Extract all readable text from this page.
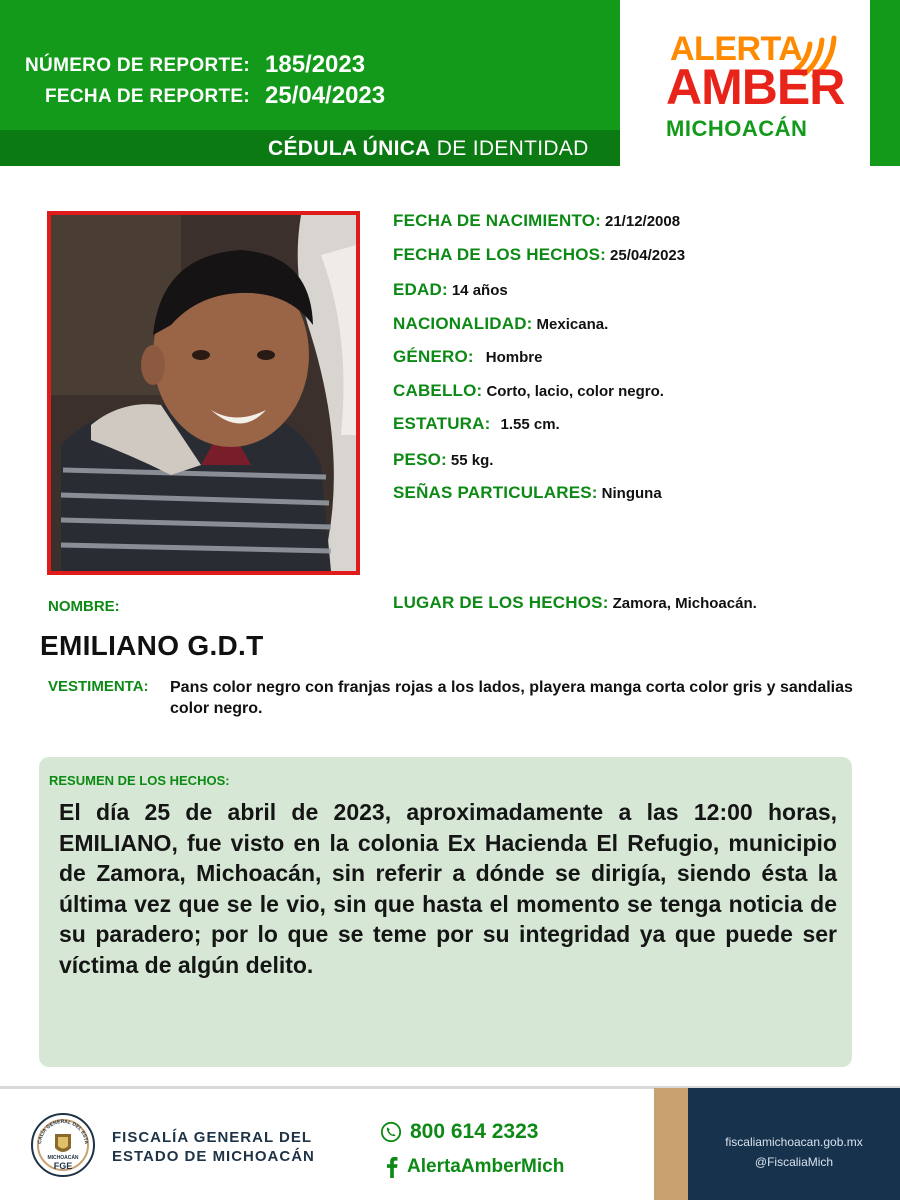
NÚMERO DE REPORTE: 185/2023
FECHA DE REPORTE: 25/04/2023
CÉDULA ÚNICA DE IDENTIDAD
ALERTA
AMBER
MICHOACÁN
FECHA DE NACIMIENTO: 21/12/2008
FECHA DE LOS HECHOS: 25/04/2023
EDAD: 14 años
NACIONALIDAD: Mexicana.
GÉNERO: Hombre
CABELLO: Corto, lacio, color negro.
ESTATURA: 1.55 cm.
PESO: 55 kg.
SEÑAS PARTICULARES: Ninguna
LUGAR DE LOS HECHOS: Zamora, Michoacán.
NOMBRE:
EMILIANO G.D.T
VESTIMENTA: Pans color negro con franjas rojas a los lados, playera manga corta color gris y sandalias color negro.
RESUMEN DE LOS HECHOS:
El día 25 de abril de 2023, aproximadamente a las 12:00 horas, EMILIANO, fue visto en la colonia Ex Hacienda El Refugio, municipio de Zamora, Michoacán, sin referir a dónde se dirigía, siendo ésta la última vez que se le vio, sin que hasta el momento se tenga noticia de su paradero; por lo que se teme por su integridad ya que puede ser víctima de algún delito.
CALÍA GENERAL DEL ESTA
MICHOACÁN
FGE
FISCALÍA GENERAL DEL
ESTADO DE MICHOACÁN
800 614 2323
AlertaAmberMich
fiscaliamichoacan.gob.mx
@FiscaliaMich
